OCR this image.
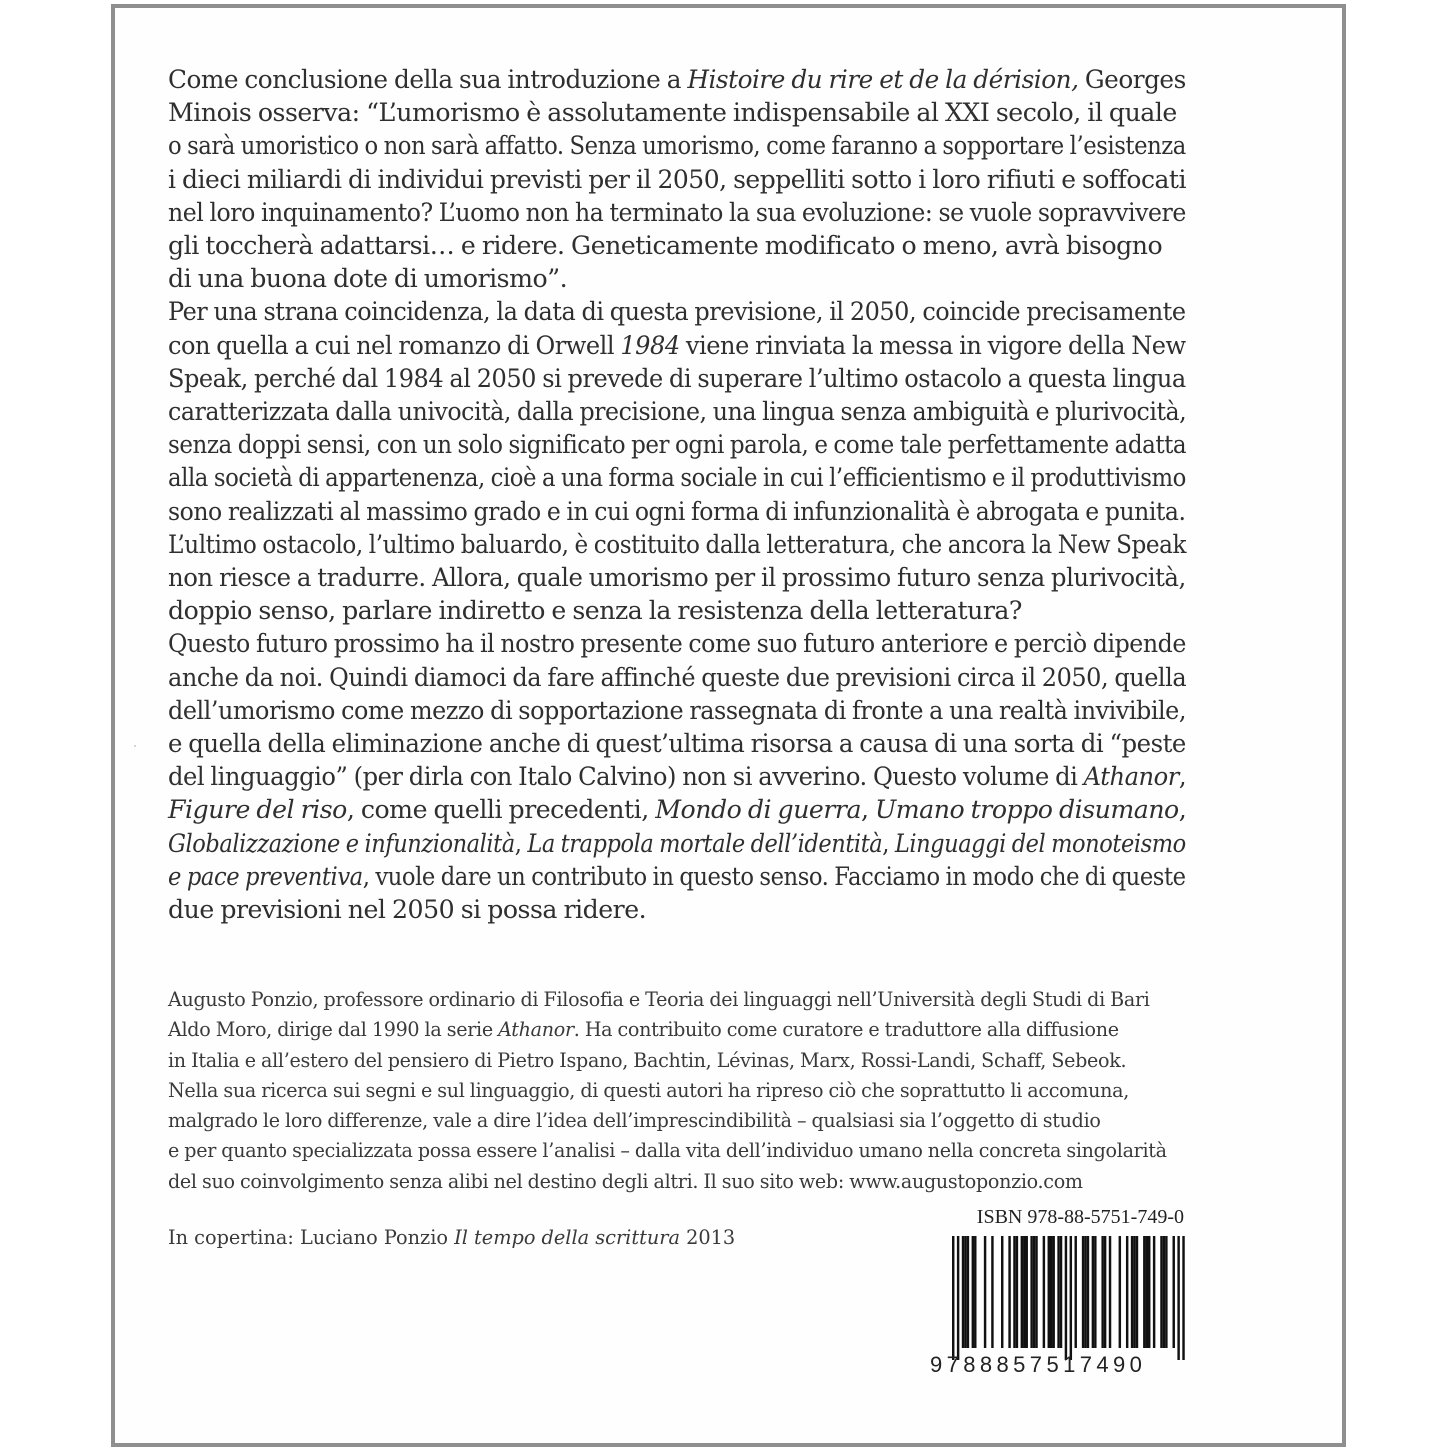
Come conclusione della sua introduzione a Histoire du rire et de la dérision, Georges
Minois osserva: “L’umorismo è assolutamente indispensabile al XXI secolo, il quale
o sarà umoristico o non sarà affatto. Senza umorismo, come faranno a sopportare l’esistenza
i dieci miliardi di individui previsti per il 2050, seppelliti sotto i loro rifiuti e soffocati
nel loro inquinamento? L’uomo non ha terminato la sua evoluzione: se vuole sopravvivere
gli toccherà adattarsi… e ridere. Geneticamente modificato o meno, avrà bisogno
di una buona dote di umorismo”.
Per una strana coincidenza, la data di questa previsione, il 2050, coincide precisamente
con quella a cui nel romanzo di Orwell 1984 viene rinviata la messa in vigore della New
Speak, perché dal 1984 al 2050 si prevede di superare l’ultimo ostacolo a questa lingua
caratterizzata dalla univocità, dalla precisione, una lingua senza ambiguità e plurivocità,
senza doppi sensi, con un solo significato per ogni parola, e come tale perfettamente adatta
alla società di appartenenza, cioè a una forma sociale in cui l’efficientismo e il produttivismo
sono realizzati al massimo grado e in cui ogni forma di infunzionalità è abrogata e punita.
L’ultimo ostacolo, l’ultimo baluardo, è costituito dalla letteratura, che ancora la New Speak
non riesce a tradurre. Allora, quale umorismo per il prossimo futuro senza plurivocità,
doppio senso, parlare indiretto e senza la resistenza della letteratura?
Questo futuro prossimo ha il nostro presente come suo futuro anteriore e perciò dipende
anche da noi. Quindi diamoci da fare affinché queste due previsioni circa il 2050, quella
dell’umorismo come mezzo di sopportazione rassegnata di fronte a una realtà invivibile,
e quella della eliminazione anche di quest’ultima risorsa a causa di una sorta di “peste
del linguaggio” (per dirla con Italo Calvino) non si avverino. Questo volume di Athanor,
Figure del riso, come quelli precedenti, Mondo di guerra, Umano troppo disumano,
Globalizzazione e infunzionalità, La trappola mortale dell’identità, Linguaggi del monoteismo
e pace preventiva, vuole dare un contributo in questo senso. Facciamo in modo che di queste
due previsioni nel 2050 si possa ridere.
Augusto Ponzio, professore ordinario di Filosofia e Teoria dei linguaggi nell’Università degli Studi di Bari
Aldo Moro, dirige dal 1990 la serie Athanor. Ha contribuito come curatore e traduttore alla diffusione
in Italia e all’estero del pensiero di Pietro Ispano, Bachtin, Lévinas, Marx, Rossi-Landi, Schaff, Sebeok.
Nella sua ricerca sui segni e sul linguaggio, di questi autori ha ripreso ciò che soprattutto li accomuna,
malgrado le loro differenze, vale a dire l’idea dell’imprescindibilità – qualsiasi sia l’oggetto di studio
e per quanto specializzata possa essere l’analisi – dalla vita dell’individuo umano nella concreta singolarità
del suo coinvolgimento senza alibi nel destino degli altri. Il suo sito web: www.augustoponzio.com
In copertina: Luciano Ponzio Il tempo della scrittura 2013
ISBN 978-88-5751-749-0
9788857517490
